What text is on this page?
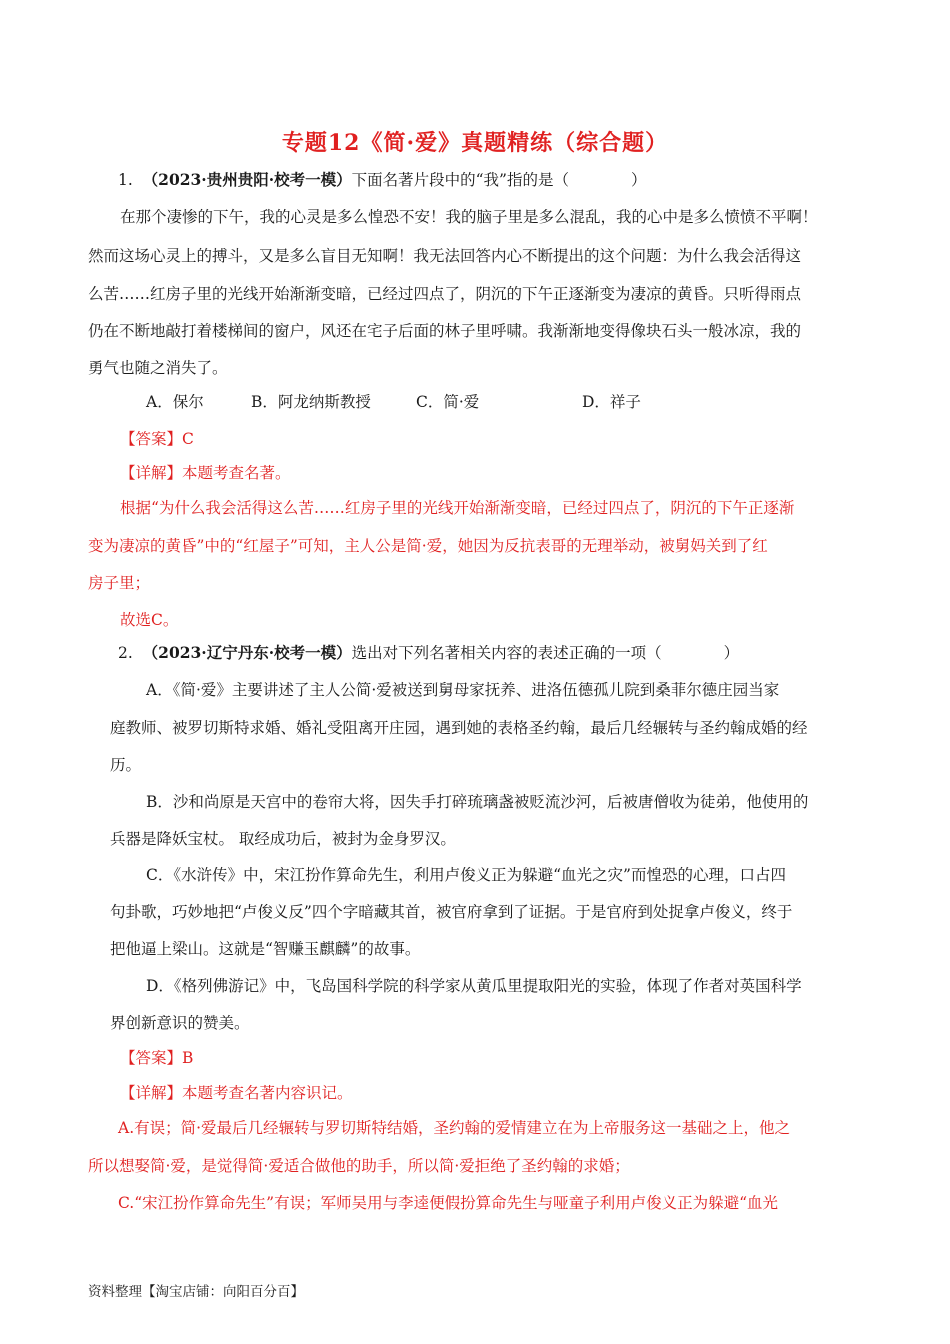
专题12《简·爱》真题精练（综合题）
1. （2023·贵州贵阳·校考一模）下面名著片段中的“我”指的是（　　　　）
在那个凄惨的下午，我的心灵是多么惶恐不安！我的脑子里是多么混乱，我的心中是多么愤愤不平啊！
然而这场心灵上的搏斗，又是多么盲目无知啊！我无法回答内心不断提出的这个问题：为什么我会活得这
么苦……红房子里的光线开始渐渐变暗，已经过四点了，阴沉的下午正逐渐变为凄凉的黄昏。只听得雨点
仍在不断地敲打着楼梯间的窗户，风还在宅子后面的林子里呼啸。我渐渐地变得像块石头一般冰凉，我的
勇气也随之消失了。
A．保尔	B．阿龙纳斯教授	C．简·爱	D．祥子
【答案】C
【详解】本题考查名著。
根据“为什么我会活得这么苦……红房子里的光线开始渐渐变暗，已经过四点了，阴沉的下午正逐渐
变为凄凉的黄昏”中的“红屋子”可知，主人公是简·爱，她因为反抗表哥的无理举动，被舅妈关到了红
房子里；
故选C。
2. （2023·辽宁丹东·校考一模）选出对下列名著相关内容的表述正确的一项（　　　　）
A．《简·爱》主要讲述了主人公简·爱被送到舅母家抚养、进洛伍德孤儿院到桑菲尔德庄园当家
庭教师、被罗切斯特求婚、婚礼受阻离开庄园，遇到她的表格圣约翰，最后几经辗转与圣约翰成婚的经
历。
B．沙和尚原是天宫中的卷帘大将，因失手打碎琉璃盏被贬流沙河，后被唐僧收为徒弟，他使用的
兵器是降妖宝杖。 取经成功后，被封为金身罗汉。
C．《水浒传》中，宋江扮作算命先生，利用卢俊义正为躲避“血光之灾”而惶恐的心理，口占四
句卦歌，巧妙地把“卢俊义反”四个字暗藏其首，被官府拿到了证据。于是官府到处捉拿卢俊义，终于
把他逼上梁山。这就是“智赚玉麒麟”的故事。
D．《格列佛游记》中，飞岛国科学院的科学家从黄瓜里提取阳光的实验，体现了作者对英国科学
界创新意识的赞美。
【答案】B
【详解】本题考查名著内容识记。
A.有误；简·爱最后几经辗转与罗切斯特结婚，圣约翰的爱情建立在为上帝服务这一基础之上，他之
所以想娶简·爱，是觉得简·爱适合做他的助手，所以简·爱拒绝了圣约翰的求婚；
C.“宋江扮作算命先生”有误；军师吴用与李逵便假扮算命先生与哑童子利用卢俊义正为躲避“血光
资料整理【淘宝店铺：向阳百分百】
